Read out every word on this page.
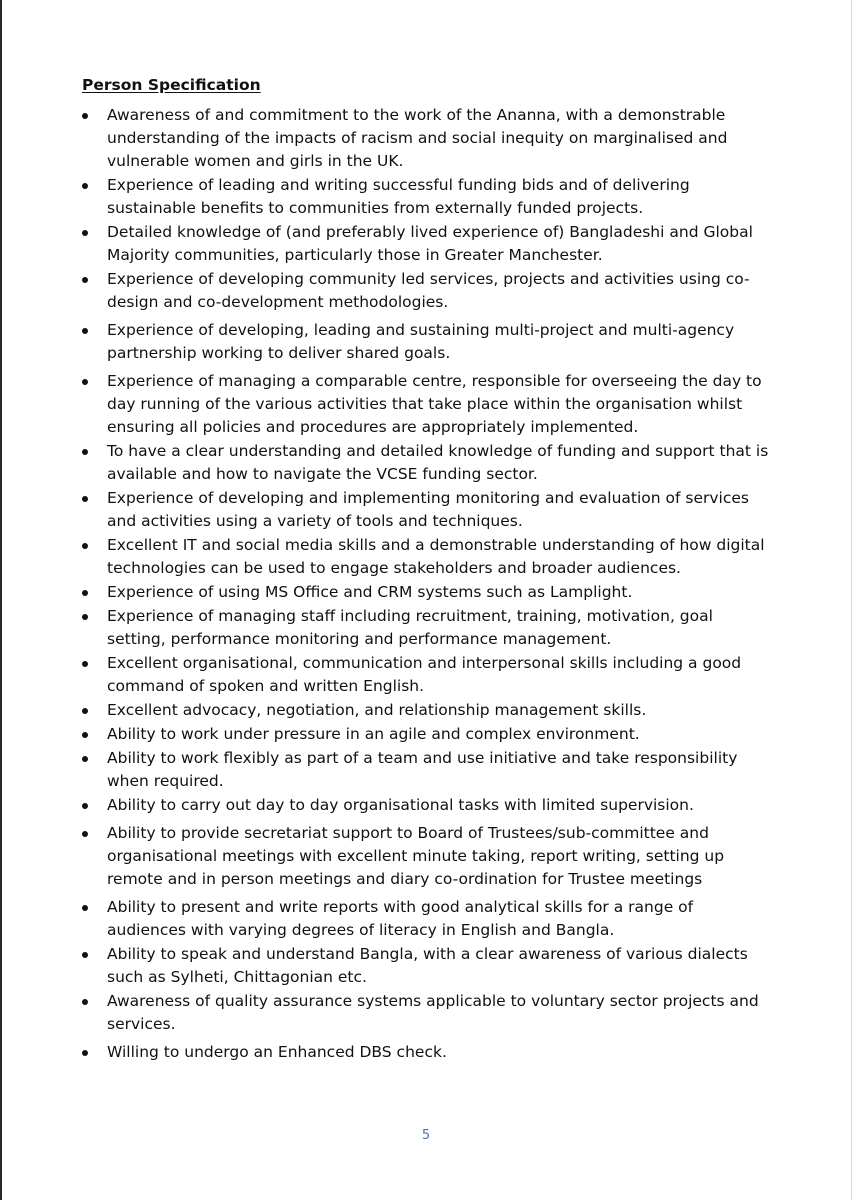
Person Specification
Awareness of and commitment to the work of the Ananna, with a demonstrable understanding of the impacts of racism and social inequity on marginalised and vulnerable women and girls in the UK.
Experience of leading and writing successful funding bids and of delivering sustainable benefits to communities from externally funded projects.
Detailed knowledge of (and preferably lived experience of) Bangladeshi and Global Majority communities, particularly those in Greater Manchester.
Experience of developing community led services, projects and activities using co-design and co-development methodologies.
Experience of developing, leading and sustaining multi-project and multi-agency partnership working to deliver shared goals.
Experience of managing a comparable centre, responsible for overseeing the day to day running of the various activities that take place within the organisation whilst ensuring all policies and procedures are appropriately implemented.
To have a clear understanding and detailed knowledge of funding and support that is available and how to navigate the VCSE funding sector.
Experience of developing and implementing monitoring and evaluation of services and activities using a variety of tools and techniques.
Excellent IT and social media skills and a demonstrable understanding of how digital technologies can be used to engage stakeholders and broader audiences.
Experience of using MS Office and CRM systems such as Lamplight.
Experience of managing staff including recruitment, training, motivation, goal setting, performance monitoring and performance management.
Excellent organisational, communication and interpersonal skills including a good command of spoken and written English.
Excellent advocacy, negotiation, and relationship management skills.
Ability to work under pressure in an agile and complex environment.
Ability to work flexibly as part of a team and use initiative and take responsibility when required.
Ability to carry out day to day organisational tasks with limited supervision.
Ability to provide secretariat support to Board of Trustees/sub-committee and organisational meetings with excellent minute taking, report writing, setting up remote and in person meetings and diary co-ordination for Trustee meetings
Ability to present and write reports with good analytical skills for a range of audiences with varying degrees of literacy in English and Bangla.
Ability to speak and understand Bangla, with a clear awareness of various dialects such as Sylheti, Chittagonian etc.
Awareness of quality assurance systems applicable to voluntary sector projects and services.
Willing to undergo an Enhanced DBS check.
5
